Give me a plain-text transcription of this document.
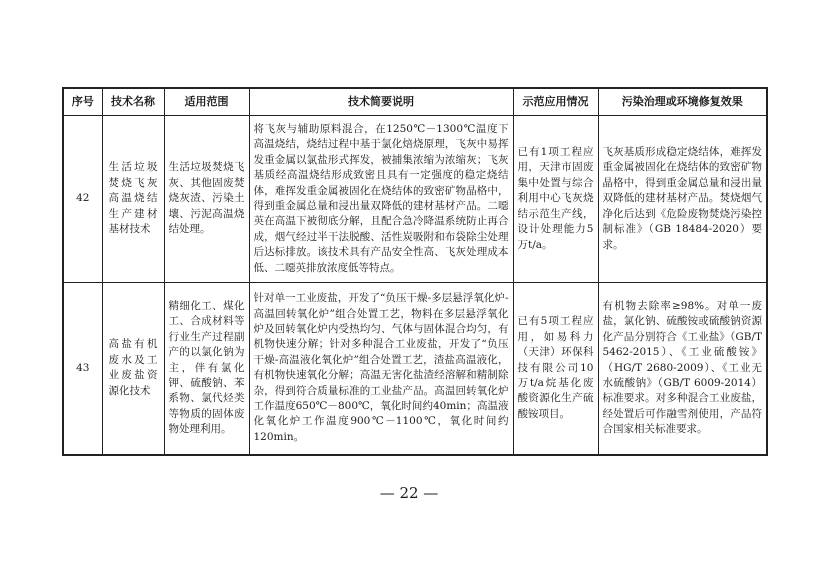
序号	技术名称	适用范围	技术简要说明	示范应用情况	污染治理或环境修复效果
42	生活垃圾焚烧飞灰高温烧结生产建材基材技术	生活垃圾焚烧飞灰、其他固废焚烧灰渣、污染土壤、污泥高温烧结处理。	将飞灰与辅助原料混合，在1250℃－1300℃温度下高温烧结，烧结过程中基于氯化焙烧原理，飞灰中易挥发重金属以氯盐形式挥发，被捕集浓缩为浓缩灰；飞灰基质经高温烧结形成致密且具有一定强度的稳定烧结体，难挥发重金属被固化在烧结体的致密矿物晶格中，得到重金属总量和浸出量双降低的建材基材产品。二噁英在高温下被彻底分解，且配合急冷降温系统防止再合成，烟气经过半干法脱酸、活性炭吸附和布袋除尘处理后达标排放。该技术具有产品安全性高、飞灰处理成本低、二噁英排放浓度低等特点。	已有1项工程应用，天津市固废集中处置与综合利用中心飞灰烧结示范生产线，设计处理能力5万t/a。	飞灰基质形成稳定烧结体，难挥发重金属被固化在烧结体的致密矿物晶格中，得到重金属总量和浸出量双降低的建材基材产品。焚烧烟气净化后达到《危险废物焚烧污染控制标准》（GB 18484-2020）要求。
43	高盐有机废水及工业废盐资源化技术	精细化工、煤化工、合成材料等行业生产过程副产的以氯化钠为主，伴有氯化钾、硫酸钠、苯系物、氯代烃类等物质的固体废物处理利用。	针对单一工业废盐，开发了“负压干燥-多层悬浮氧化炉-高温回转氧化炉”组合处置工艺，物料在多层悬浮氧化炉及回转氧化炉内受热均匀、气体与固体混合均匀，有机物快速分解；针对多种混合工业废盐，开发了“负压干燥-高温液化氧化炉”组合处置工艺，渣盐高温液化，有机物快速氧化分解；高温无害化盐渣经溶解和精制除杂，得到符合质量标准的工业盐产品。高温回转氧化炉工作温度650℃－800℃，氧化时间约40min；高温液化氧化炉工作温度900℃－1100℃，氧化时间约120min。	已有5项工程应用，如易科力（天津）环保科技有限公司10万t/a烷基化废酸资源化生产硫酸铵项目。	有机物去除率≥98%。对单一废盐，氯化钠、硫酸铵或硫酸钠资源化产品分别符合《工业盐》（GB/T 5462-2015）、《工业硫酸铵》（HG/T 2680-2009）、《工业无水硫酸钠》（GB/T 6009-2014）标准要求。对多种混合工业废盐，经处置后可作融雪剂使用，产品符合国家相关标准要求。
— 22 —
